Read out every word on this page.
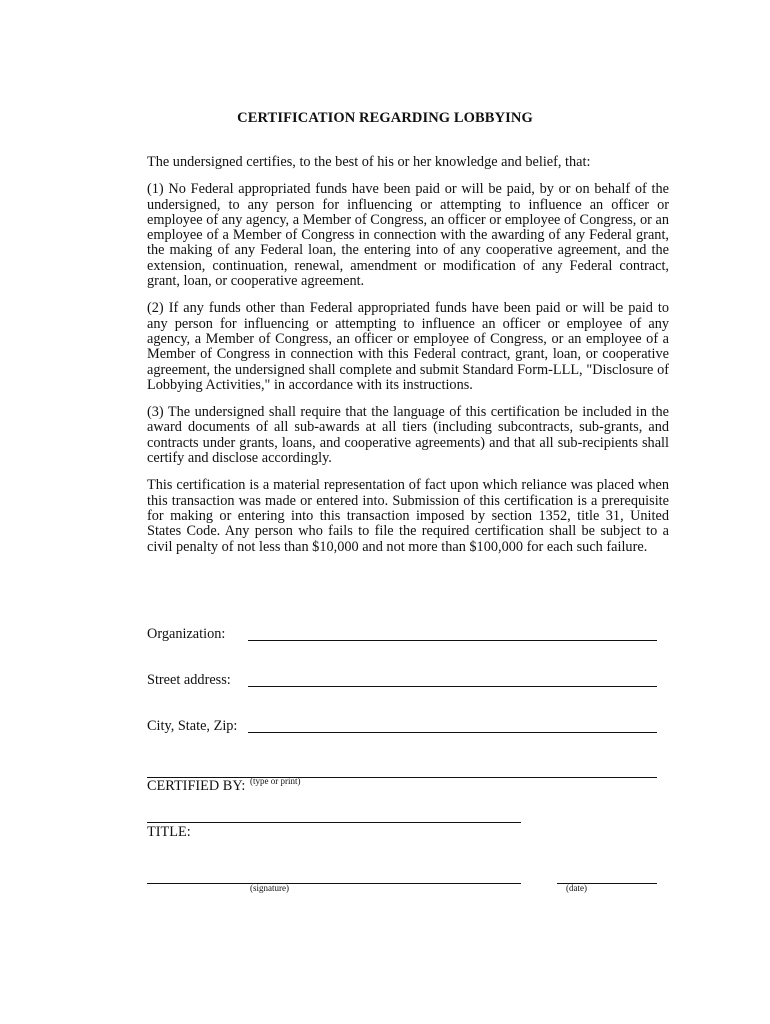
CERTIFICATION REGARDING LOBBYING

The undersigned certifies, to the best of his or her knowledge and belief, that:

(1) No Federal appropriated funds have been paid or will be paid, by or on behalf of the undersigned, to any person for influencing or attempting to influence an officer or employee of any agency, a Member of Congress, an officer or employee of Congress, or an employee of a Member of Congress in connection with the awarding of any Federal grant, the making of any Federal loan, the entering into of any cooperative agreement, and the extension, continuation, renewal, amendment or modification of any Federal contract, grant, loan, or cooperative agreement.

(2) If any funds other than Federal appropriated funds have been paid or will be paid to any person for influencing or attempting to influence an officer or employee of any agency, a Member of Congress, an officer or employee of Congress, or an employee of a Member of Congress in connection with this Federal contract, grant, loan, or cooperative agreement, the undersigned shall complete and submit Standard Form-LLL, "Disclosure of Lobbying Activities," in accordance with its instructions.

(3) The undersigned shall require that the language of this certification be included in the award documents of all sub-awards at all tiers (including subcontracts, sub-grants, and contracts under grants, loans, and cooperative agreements) and that all sub-recipients shall certify and disclose accordingly.

This certification is a material representation of fact upon which reliance was placed when this transaction was made or entered into. Submission of this certification is a prerequisite for making or entering into this transaction imposed by section 1352, title 31, United States Code. Any person who fails to file the required certification shall be subject to a civil penalty of not less than $10,000 and not more than $100,000 for each such failure.

Organization:
Street address:
City, State, Zip:
CERTIFIED BY: (type or print)
TITLE:
(signature)	(date)
